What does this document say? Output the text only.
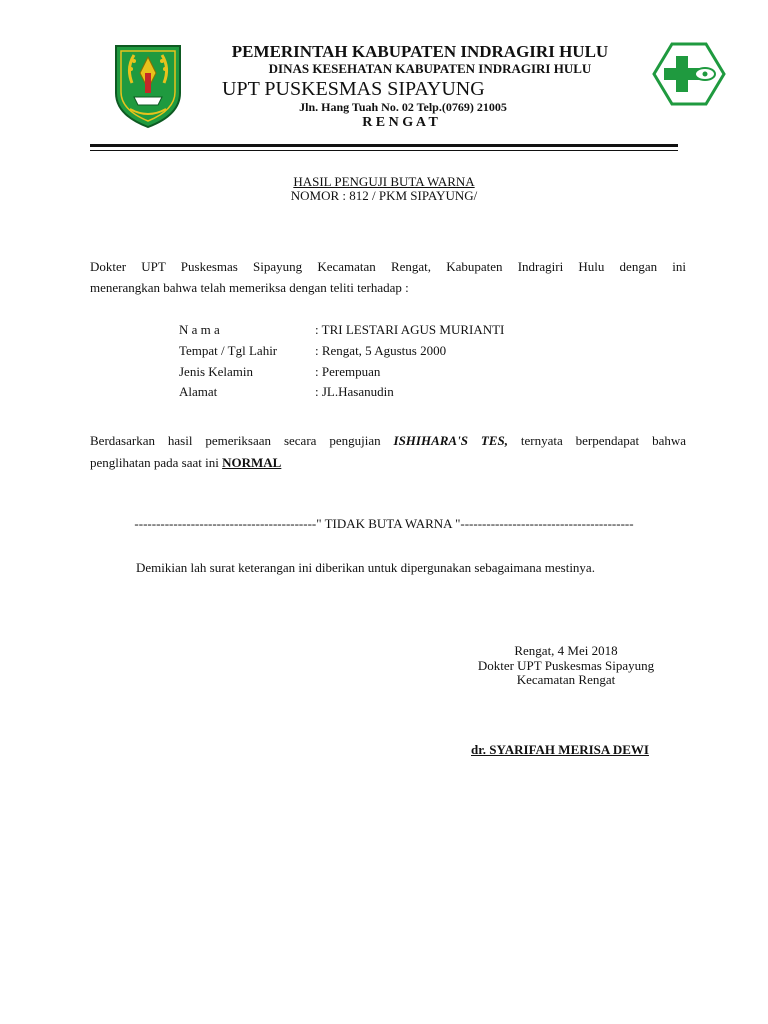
PEMERINTAH KABUPATEN INDRAGIRI HULU
DINAS KESEHATAN KABUPATEN INDRAGIRI HULU
UPT PUSKESMAS SIPAYUNG
Jln. Hang Tuah No. 02 Telp.(0769) 21005
R E N G A T
HASIL PENGUJI BUTA WARNA
NOMOR : 812 / PKM SIPAYUNG/
Dokter UPT Puskesmas Sipayung Kecamatan Rengat, Kabupaten Indragiri Hulu dengan ini
menerangkan bahwa telah memeriksa dengan teliti terhadap :
N a m a	: TRI LESTARI AGUS MURIANTI
Tempat / Tgl Lahir	: Rengat, 5 Agustus 2000
Jenis Kelamin	: Perempuan
Alamat	: JL.Hasanudin
Berdasarkan hasil pemeriksaan secara pengujian ISHIHARA'S TES, ternyata berpendapat bahwa
penglihatan pada saat ini NORMAL
------------------------------------------" TIDAK BUTA WARNA "----------------------------------------
Demikian lah surat keterangan ini diberikan untuk dipergunakan sebagaimana mestinya.
Rengat, 4 Mei 2018
Dokter UPT Puskesmas Sipayung
Kecamatan Rengat
dr. SYARIFAH MERISA DEWI
